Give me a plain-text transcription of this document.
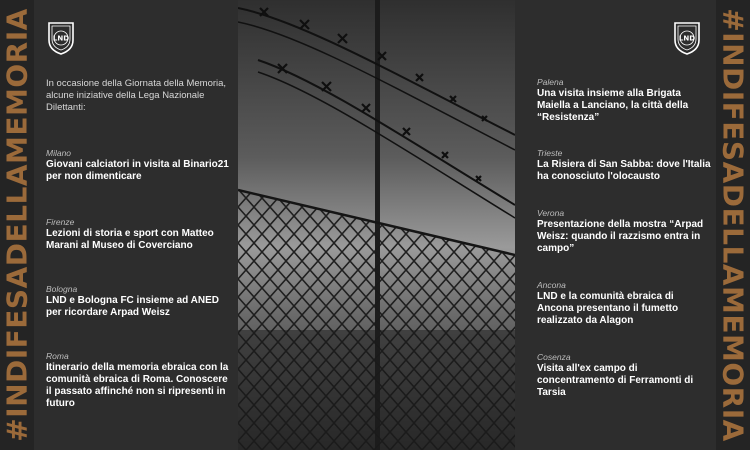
#INDIFESADELLAMEMORIA	LND
In occasione della Giornata della Memoria, alcune iniziative della Lega Nazionale Dilettanti:
Milano
Giovani calciatori in visita al Binario21 per non dimenticare
Firenze
Lezioni di storia e sport con Matteo Marani al Museo di Coverciano
Bologna
LND e Bologna FC insieme ad ANED per ricordare Arpad Weisz
Roma
Itinerario della memoria ebraica con la comunità ebraica di Roma. Conoscere il passato affinché non si ripresenti in futuro
LND
Palena
Una visita insieme alla Brigata Maiella a Lanciano, la città della “Resistenza”
Trieste
La Risiera di San Sabba: dove l'Italia ha conosciuto l'olocausto
Verona
Presentazione della mostra “Arpad Weisz: quando il razzismo entra in campo”
Ancona
LND e la comunità ebraica di Ancona presentano il fumetto realizzato da Alagon
Cosenza
Visita all'ex campo di concentramento di Ferramonti di Tarsia	#INDIFESADELLAMEMORIA
